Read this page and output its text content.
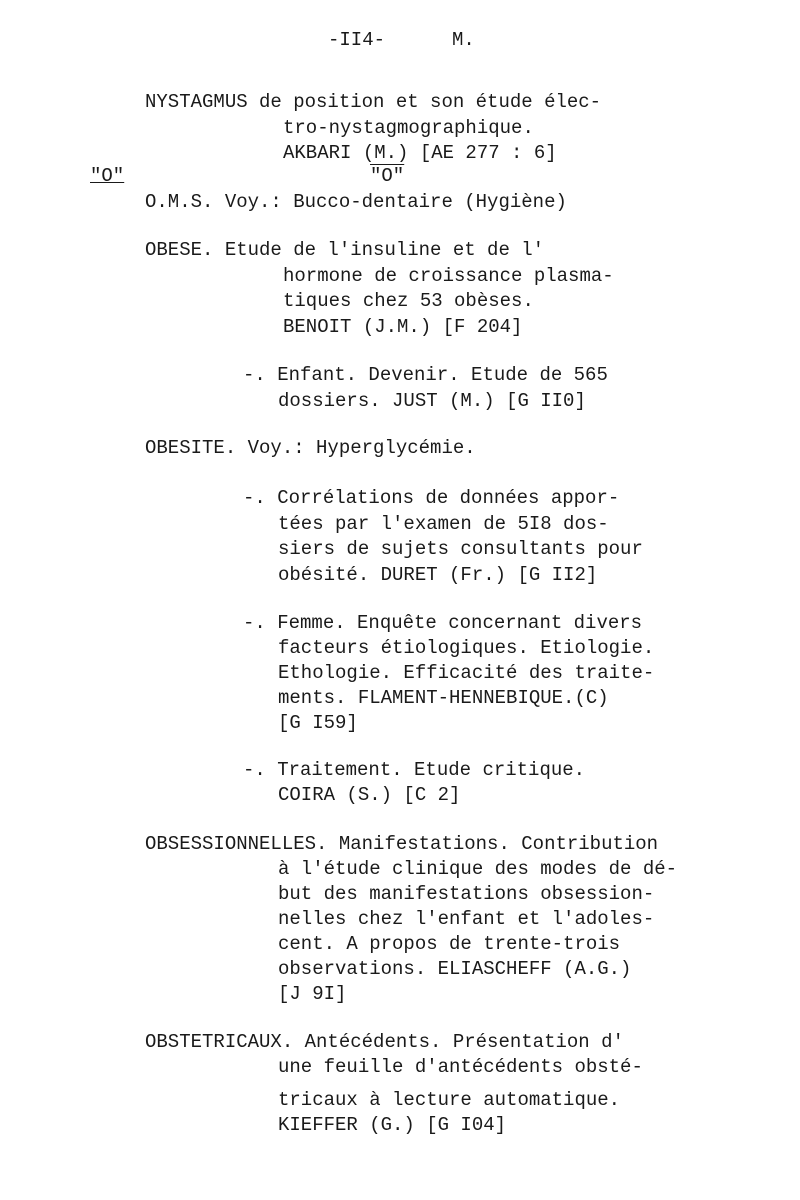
-II4-	M.
NYSTAGMUS de position et son étude élec-
tro-nystagmographique.
AKBARI (M.) [AE 277 : 6]
"O"	"O"
O.M.S. Voy.: Bucco-dentaire (Hygiène)
OBESE. Etude de l'insuline et de l'
hormone de croissance plasma-
tiques chez 53 obèses.
BENOIT (J.M.) [F 204]
-. Enfant. Devenir. Etude de 565
dossiers. JUST (M.) [G II0]
OBESITE. Voy.: Hyperglycémie.
-. Corrélations de données appor-
tées par l'examen de 5I8 dos-
siers de sujets consultants pour
obésité. DURET (Fr.) [G II2]
-. Femme. Enquête concernant divers
facteurs étiologiques. Etiologie.
Ethologie. Efficacité des traite-
ments. FLAMENT-HENNEBIQUE.(C)
[G I59]
-. Traitement. Etude critique.
COIRA (S.) [C 2]
OBSESSIONNELLES. Manifestations. Contribution
à l'étude clinique des modes de dé-
but des manifestations obsession-
nelles chez l'enfant et l'adoles-
cent. A propos de trente-trois
observations. ELIASCHEFF (A.G.)
[J 9I]
OBSTETRICAUX. Antécédents. Présentation d'
une feuille d'antécédents obsté-
tricaux à lecture automatique.
KIEFFER (G.) [G I04]
